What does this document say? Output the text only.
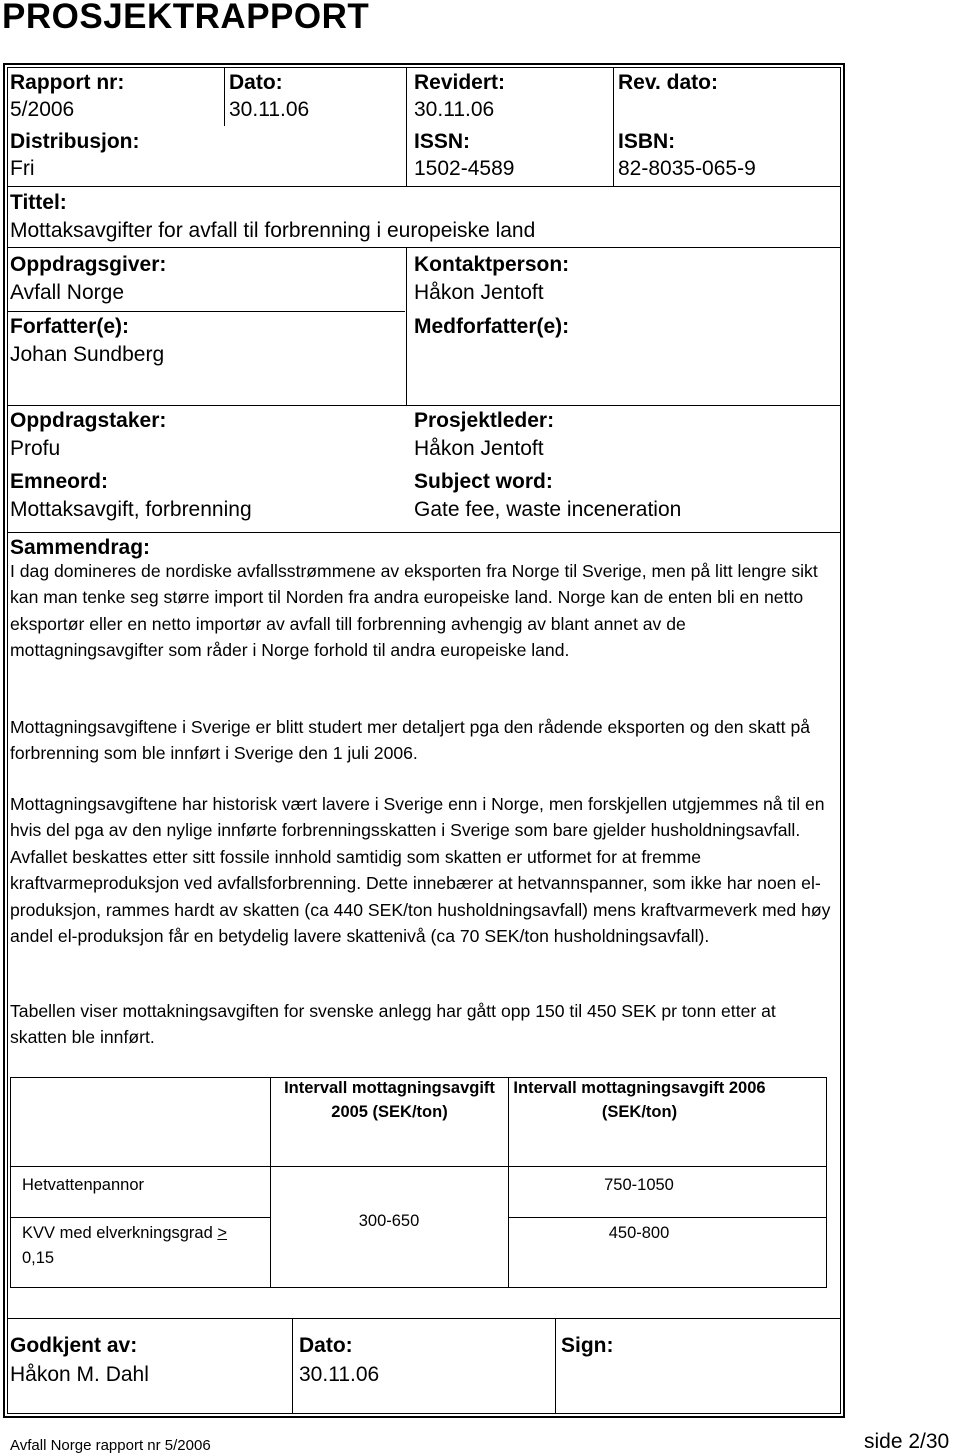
PROSJEKTRAPPORT
Rapport nr:
5/2006
Dato:
30.11.06
Revidert:
30.11.06
Rev. dato:
Distribusjon:
Fri
ISSN:
1502-4589
ISBN:
82-8035-065-9
Tittel:
Mottaksavgifter for avfall til forbrenning i europeiske land
Oppdragsgiver:
Avfall Norge
Kontaktperson:
Håkon Jentoft
Forfatter(e):
Johan Sundberg
Medforfatter(e):
Oppdragstaker:
Profu
Prosjektleder:
Håkon Jentoft
Emneord:
Mottaksavgift, forbrenning
Subject word:
Gate fee, waste inceneration
Sammendrag:

I dag domineres de nordiske avfallsstrømmene av eksporten fra Norge til Sverige, men på litt lengre sikt kan man tenke seg større import til Norden fra andra europeiske land. Norge kan de enten bli en netto eksportør eller en netto importør av avfall till forbrenning avhengig av blant annet av de mottagningsavgifter som råder i Norge forhold til andra europeiske land.

Mottagningsavgiftene i Sverige er blitt studert mer detaljert pga den rådende eksporten og den skatt på forbrenning som ble innført i Sverige den 1 juli 2006.

Mottagningsavgiftene har historisk vært lavere i Sverige enn i Norge, men forskjellen utgjemmes nå til en hvis del pga av den nylige innførte forbrenningsskatten i Sverige som bare gjelder husholdningsavfall. Avfallet beskattes etter sitt fossile innhold samtidig som skatten er utformet for at fremme kraftvarmeproduksjon ved avfallsforbrenning. Dette innebærer at hetvannspanner, som ikke har noen el-produksjon, rammes hardt av skatten (ca 440 SEK/ton husholdningsavfall) mens kraftvarmeverk med høy andel el-produksjon får en betydelig lavere skattenivå (ca 70 SEK/ton husholdningsavfall).

Tabellen viser mottakningsavgiften for svenske anlegg har gått opp 150 til 450 SEK pr tonn etter at skatten ble innført.

Intervall mottagningsavgift 2005 (SEK/ton)
Intervall mottagningsavgift 2006 (SEK/ton)
Hetvattenpannor
KVV med elverkningsgrad >
0,15
300-650
750-1050
450-800
Godkjent av:
Håkon M. Dahl
Dato:
30.11.06
Sign:
Avfall Norge rapport nr 5/2006	side 2/30
